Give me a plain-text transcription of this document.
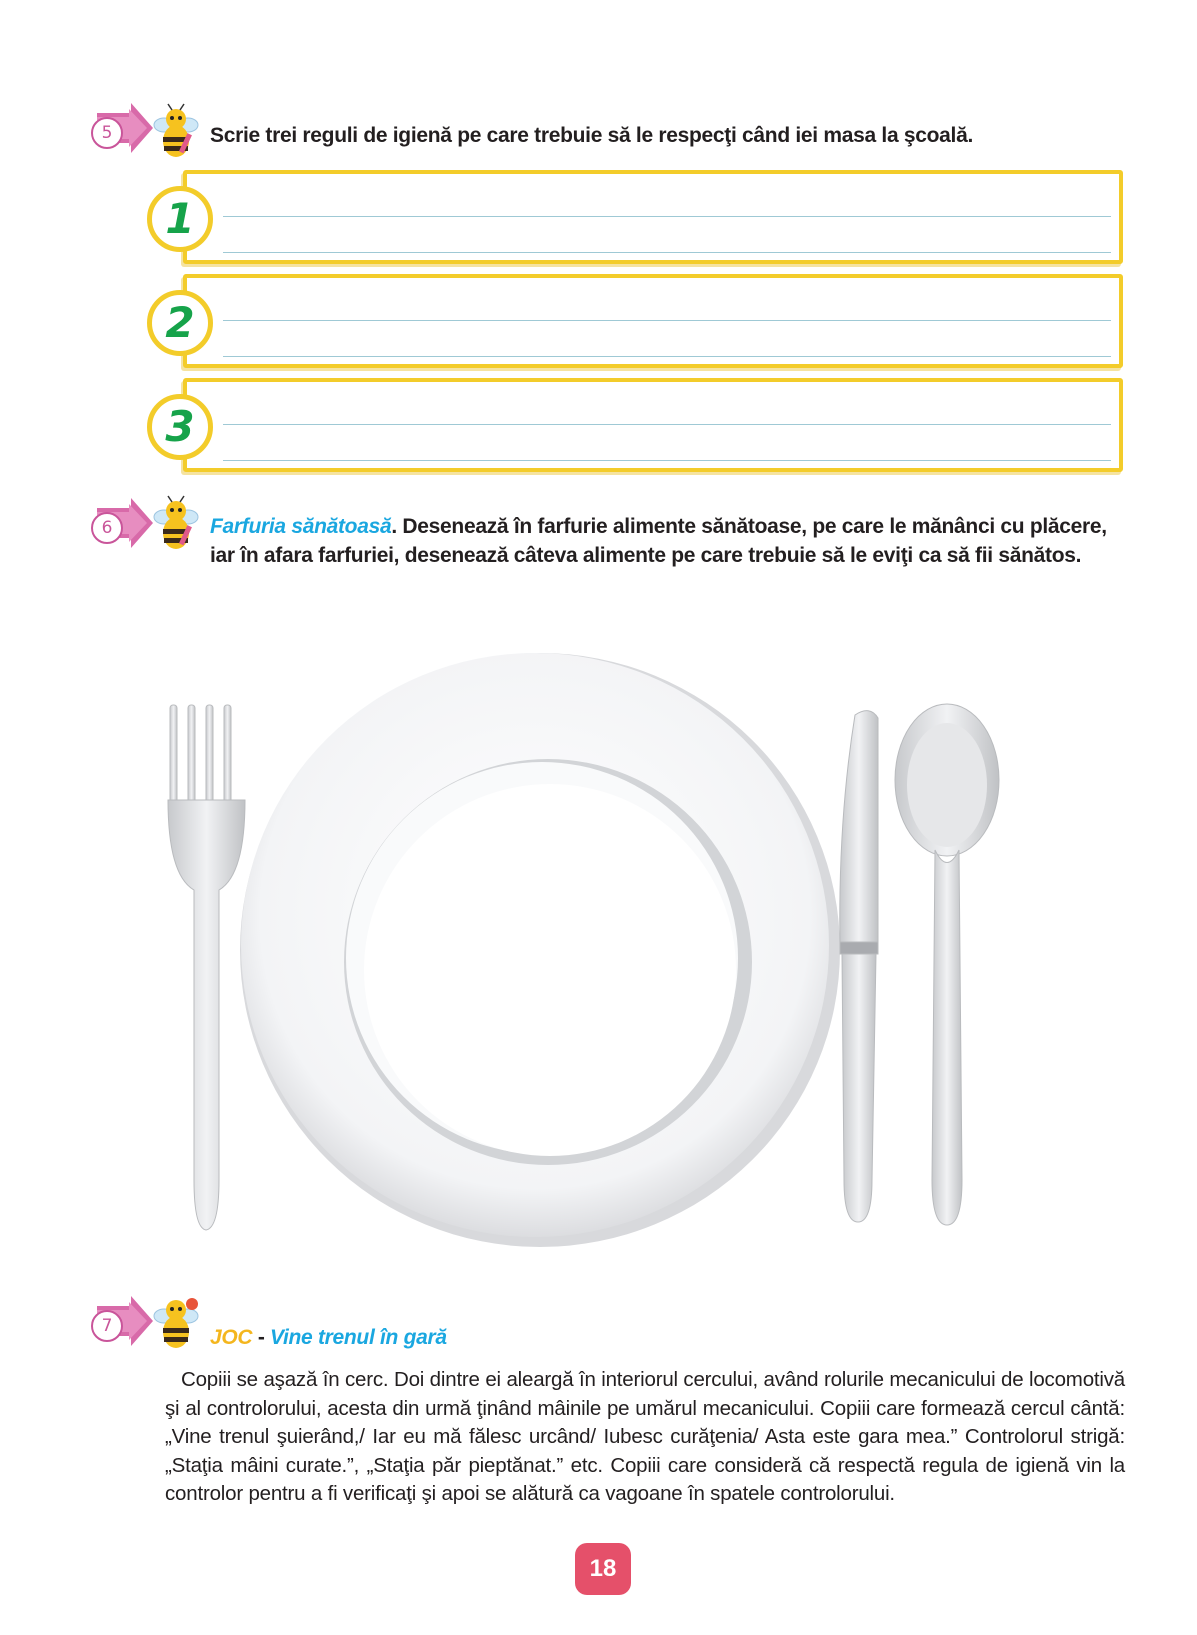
5	Scrie trei reguli de igienă pe care trebuie să le respecţi când iei masa la şcoală.
1
2
3
6	Farfuria sănătoasă. Desenează în farfurie alimente sănătoase, pe care le mănânci cu plăcere, iar în afara farfuriei, desenează câteva alimente pe care trebuie să le eviţi ca să fii sănătos.
7	JOC - Vine trenul în gară
Copiii se aşază în cerc. Doi dintre ei aleargă în interiorul cercului, având rolurile mecanicului de locomotivă şi al controlorului, acesta din urmă ţinând mâinile pe umărul mecanicului. Copiii care formează cercul cântă: „Vine trenul şuierând,/ Iar eu mă fălesc urcând/ Iubesc curăţenia/ Asta este gara mea.” Controlorul strigă: „Staţia mâini curate.”, „Staţia păr pieptănat.” etc. Copiii care consideră că respectă regula de igienă vin la controlor pentru a fi verificaţi şi apoi se alătură ca vagoane în spatele controlorului.
18
